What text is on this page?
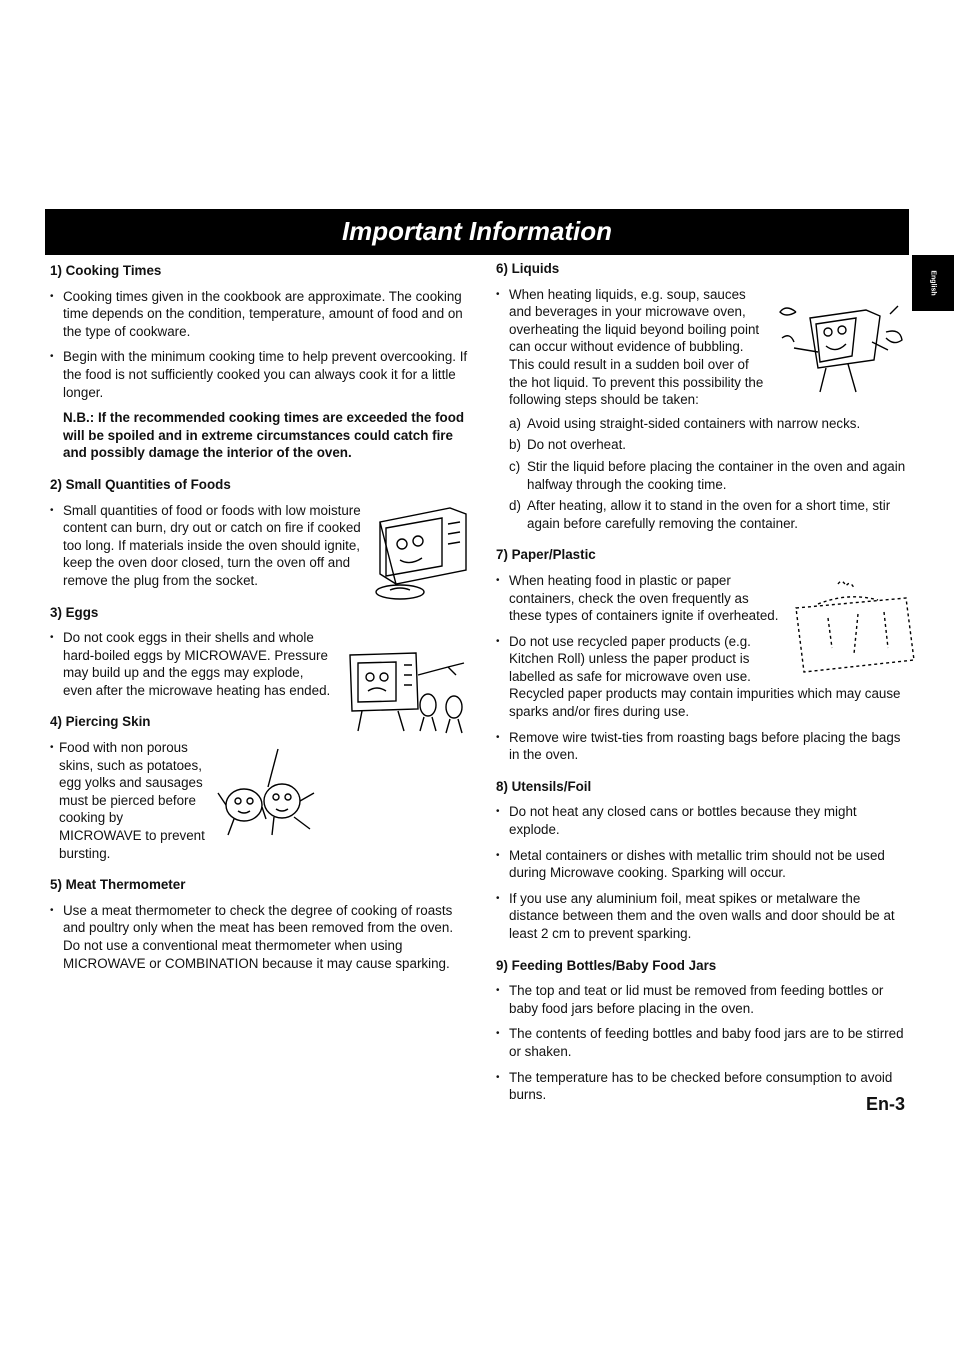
Important Information
English
1) Cooking Times
• Cooking times given in the cookbook are approximate. The cooking time depends on the condition, temperature, amount of food and on the type of cookware.
• Begin with the minimum cooking time to help prevent overcooking. If the food is not sufficiently cooked you can always cook it for a little longer.

N.B.: If the recommended cooking times are exceeded the food will be spoiled and in extreme circumstances could catch fire and possibly damage the interior of the oven.

2) Small Quantities of Foods
• Small quantities of food or foods with low moisture content can burn, dry out or catch on fire if cooked too long. If materials inside the oven should ignite, keep the oven door closed, turn the oven off and remove the plug from the socket.
3) Eggs
• Do not cook eggs in their shells and whole hard-boiled eggs by MICROWAVE. Pressure may build up and the eggs may explode, even after the microwave heating has ended.
4) Piercing Skin
• Food with non porous skins, such as potatoes, egg yolks and sausages must be pierced before cooking by MICROWAVE to prevent bursting.
5) Meat Thermometer
• Use a meat thermometer to check the degree of cooking of roasts and poultry only when the meat has been removed from the oven. Do not use a conventional meat thermometer when using MICROWAVE or COMBINATION because it may cause sparking.
6) Liquids
• When heating liquids, e.g. soup, sauces and beverages in your microwave oven, overheating the liquid beyond boiling point can occur without evidence of bubbling. This could result in a sudden boil over of the hot liquid. To prevent this possibility the following steps should be taken:
a) Avoid using straight-sided containers with narrow necks.
b) Do not overheat.
c) Stir the liquid before placing the container in the oven and again halfway through the cooking time.
d) After heating, allow it to stand in the oven for a short time, stir again before carefully removing the container.
7) Paper/Plastic
• When heating food in plastic or paper containers, check the oven frequently as these types of containers ignite if overheated.
• Do not use recycled paper products (e.g. Kitchen Roll) unless the paper product is labelled as safe for microwave oven use. Recycled paper products may contain impurities which may cause sparks and/or fires during use.
• Remove wire twist-ties from roasting bags before placing the bags in the oven.
8) Utensils/Foil
• Do not heat any closed cans or bottles because they might explode.
• Metal containers or dishes with metallic trim should not be used during Microwave cooking. Sparking will occur.
• If you use any aluminium foil, meat spikes or metalware the distance between them and the oven walls and door should be at least 2 cm to prevent sparking.
9) Feeding Bottles/Baby Food Jars
• The top and teat or lid must be removed from feeding bottles or baby food jars before placing in the oven.
• The contents of feeding bottles and baby food jars are to be stirred or shaken.
• The temperature has to be checked before consumption to avoid burns.	En-3
